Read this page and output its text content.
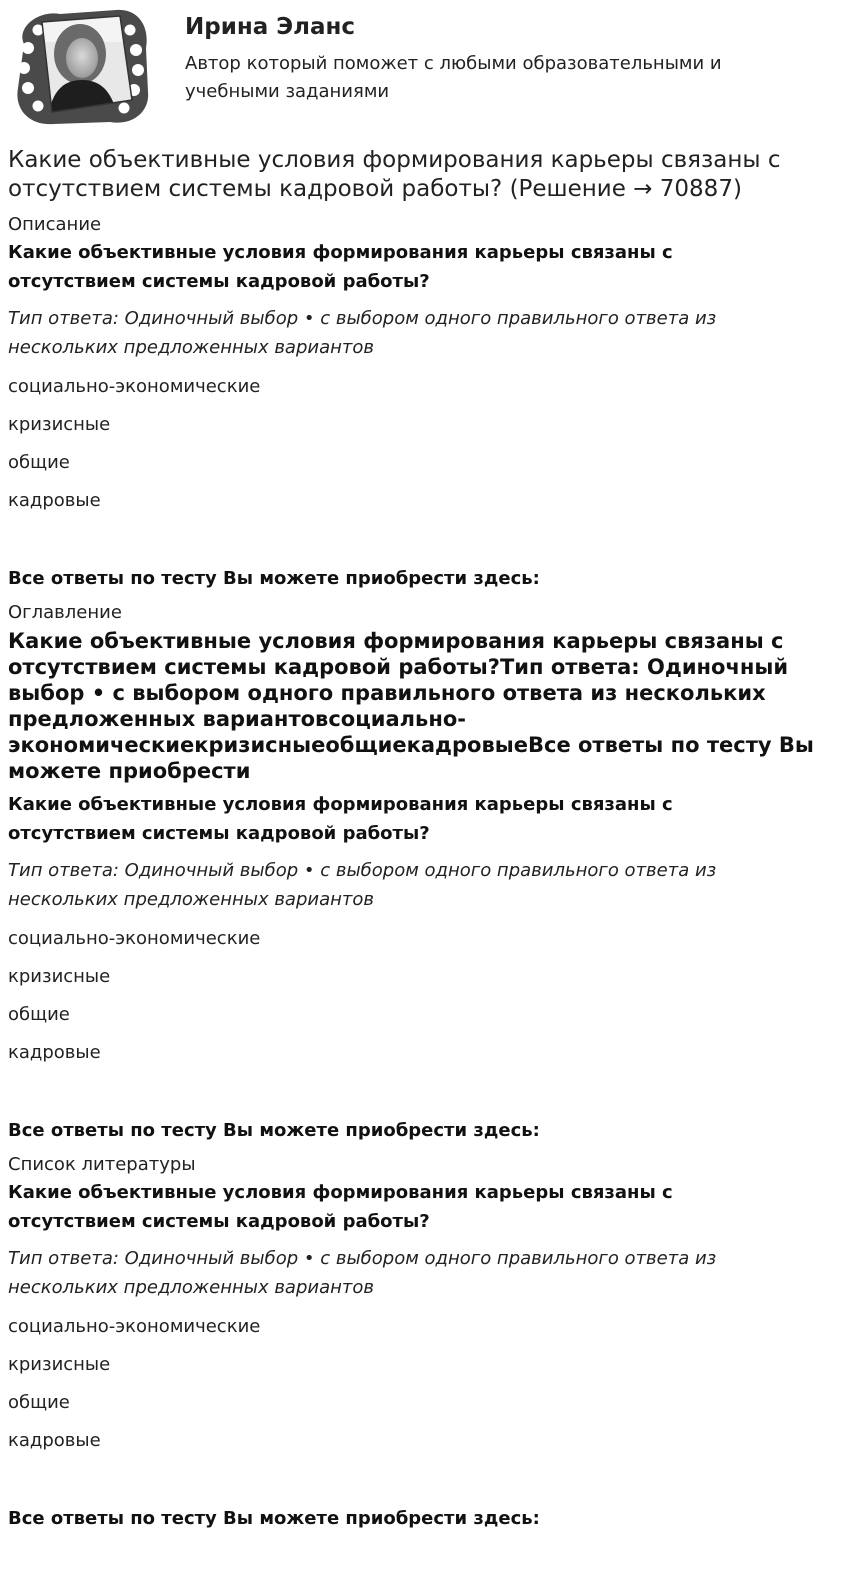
Ирина Эланс
Автор который поможет с любыми образовательными и учебными заданиями
Какие объективные условия формирования карьеры связаны с отсутствием системы кадровой работы? (Решение → 70887)
Описание
Какие объективные условия формирования карьеры связаны с отсутствием системы кадровой работы?
Тип ответа: Одиночный выбор • с выбором одного правильного ответа из нескольких предложенных вариантов
социально-экономические
кризисные
общие
кадровые
Все ответы по тесту Вы можете приобрести здесь:
Оглавление
Какие объективные условия формирования карьеры связаны с отсутствием системы кадровой работы?Тип ответа: Одиночный выбор • с выбором одного правильного ответа из нескольких предложенных вариантовсоциально-экономическиекризисныеобщиекадровыеВсе ответы по тесту Вы можете приобрести
Какие объективные условия формирования карьеры связаны с отсутствием системы кадровой работы?
Тип ответа: Одиночный выбор • с выбором одного правильного ответа из нескольких предложенных вариантов
социально-экономические
кризисные
общие
кадровые
Все ответы по тесту Вы можете приобрести здесь:
Список литературы
Какие объективные условия формирования карьеры связаны с отсутствием системы кадровой работы?
Тип ответа: Одиночный выбор • с выбором одного правильного ответа из нескольких предложенных вариантов
социально-экономические
кризисные
общие
кадровые
Все ответы по тесту Вы можете приобрести здесь:
